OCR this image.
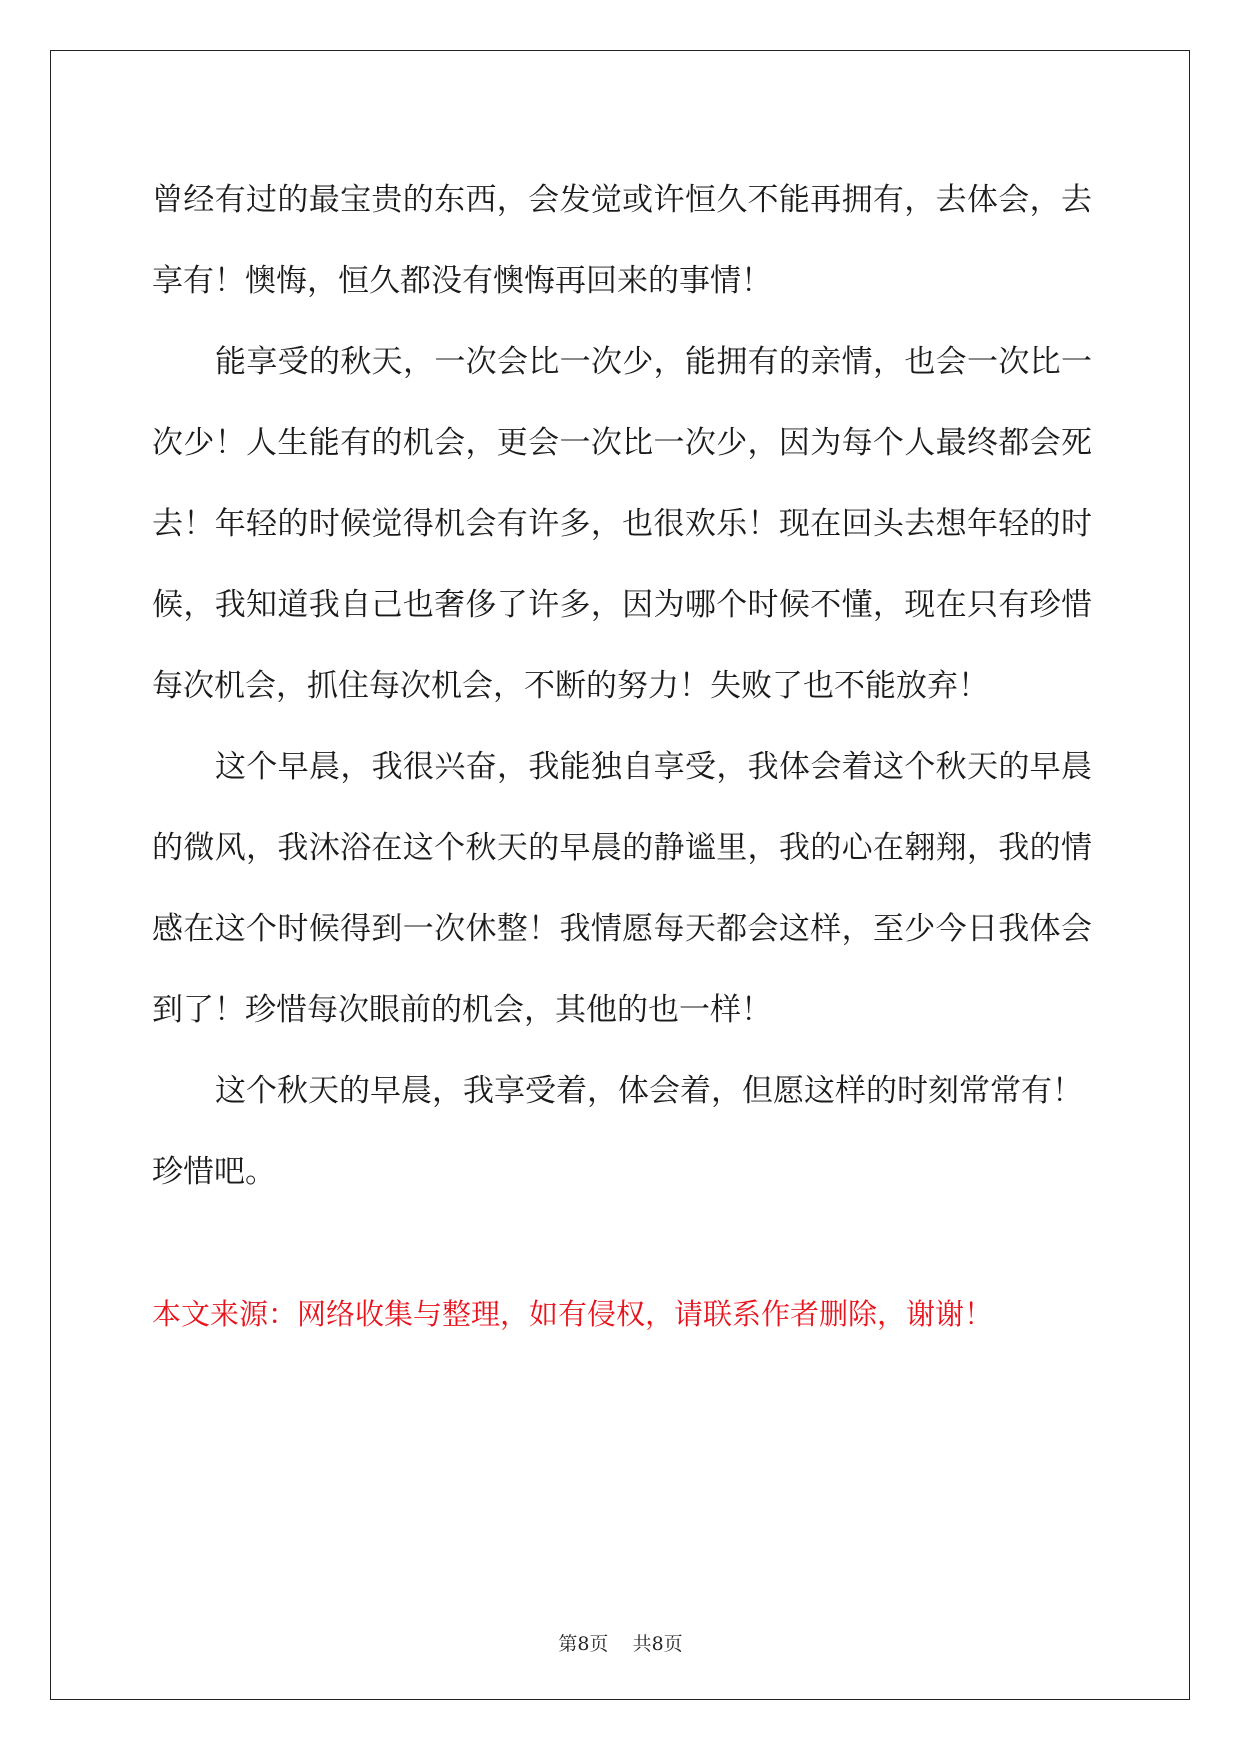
曾经有过的最宝贵的东西，会发觉或许恒久不能再拥有，去体会，去
享有！懊悔，恒久都没有懊悔再回来的事情！
能享受的秋天，一次会比一次少，能拥有的亲情，也会一次比一
次少！人生能有的机会，更会一次比一次少，因为每个人最终都会死
去！年轻的时候觉得机会有许多，也很欢乐！现在回头去想年轻的时
候，我知道我自己也奢侈了许多，因为哪个时候不懂，现在只有珍惜
每次机会，抓住每次机会，不断的努力！失败了也不能放弃！
这个早晨，我很兴奋，我能独自享受，我体会着这个秋天的早晨
的微风，我沐浴在这个秋天的早晨的静谧里，我的心在翱翔，我的情
感在这个时候得到一次休整！我情愿每天都会这样，至少今日我体会
到了！珍惜每次眼前的机会，其他的也一样！
这个秋天的早晨，我享受着，体会着，但愿这样的时刻常常有！
珍惜吧。
本文来源：网络收集与整理，如有侵权，请联系作者删除，谢谢！
第8页    共8页
